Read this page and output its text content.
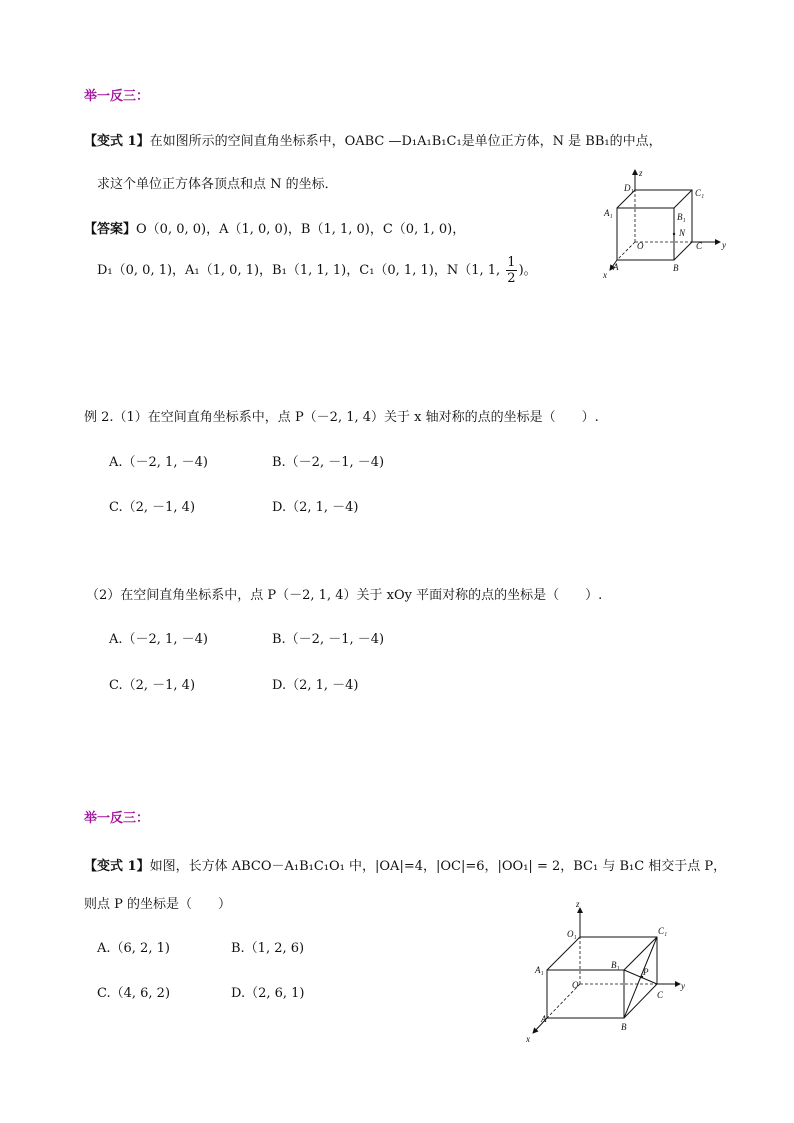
举一反三：
【变式 1】在如图所示的空间直角坐标系中，OABC —D₁A₁B₁C₁是单位正方体，N 是 BB₁的中点，
求这个单位正方体各顶点和点 N 的坐标．
【答案】O（0, 0, 0)，A（1, 0, 0)，B（1, 1, 0)，C（0, 1, 0)，
D₁（0, 0, 1)，A₁（1, 0, 1)，B₁（1, 1, 1)，C₁（0, 1, 1)，N（1, 1, $\frac{1}{2}$ )。
z
y
x
D₁	C₁
A₁	B₁
N
O	C
A	B
例 2.（1）在空间直角坐标系中，点 P（－2, 1, 4）关于 x 轴对称的点的坐标是（　　）.
A.（－2, 1, －4)	B.（－2, －1, －4)
C.（2, －1, 4)	D.（2, 1, －4)
（2）在空间直角坐标系中，点 P（－2, 1, 4）关于 xOy 平面对称的点的坐标是（　　）.
A.（－2, 1, －4)	B.（－2, －1, －4)
C.（2, －1, 4)	D.（2, 1, －4)
举一反三：
【变式 1】如图，长方体 ABCO－A₁B₁C₁O₁ 中，|OA|=4，|OC|=6，|OO₁| = 2，BC₁ 与 B₁C 相交于点 P，
则点 P 的坐标是（　　）
A.（6, 2, 1)	B.（1, 2, 6)
C.（4, 6, 2)	D.（2, 6, 1)
z
y
x
O₁	C₁
A₁	B₁
P
O
C
A
B
